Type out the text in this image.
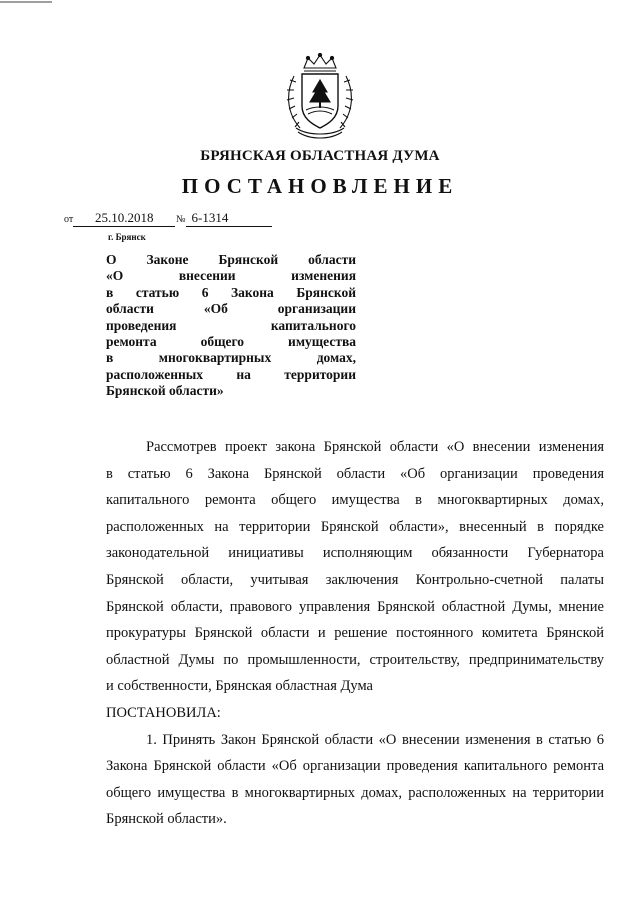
БРЯНСКАЯ ОБЛАСТНАЯ ДУМА
ПОСТАНОВЛЕНИЕ
от 25.10.2018	№ 6-1314
г. Брянск
О Законе Брянской области
«О внесении изменения
в статью 6 Закона Брянской
области «Об организации
проведения капитального
ремонта общего имущества
в многоквартирных домах,
расположенных на территории
Брянской области»
Рассмотрев проект закона Брянской области «О внесении изменения
в статью 6 Закона Брянской области «Об организации проведения
капитального ремонта общего имущества в многоквартирных домах,
расположенных на территории Брянской области», внесенный в порядке
законодательной инициативы исполняющим обязанности Губернатора
Брянской области, учитывая заключения Контрольно-счетной палаты
Брянской области, правового управления Брянской областной Думы, мнение
прокуратуры Брянской области и решение постоянного комитета Брянской
областной Думы по промышленности, строительству, предпринимательству
и собственности, Брянская областная Дума
ПОСТАНОВИЛА:
1. Принять Закон Брянской области «О внесении изменения в статью 6
Закона Брянской области «Об организации проведения капитального ремонта
общего имущества в многоквартирных домах, расположенных на территории
Брянской области».
